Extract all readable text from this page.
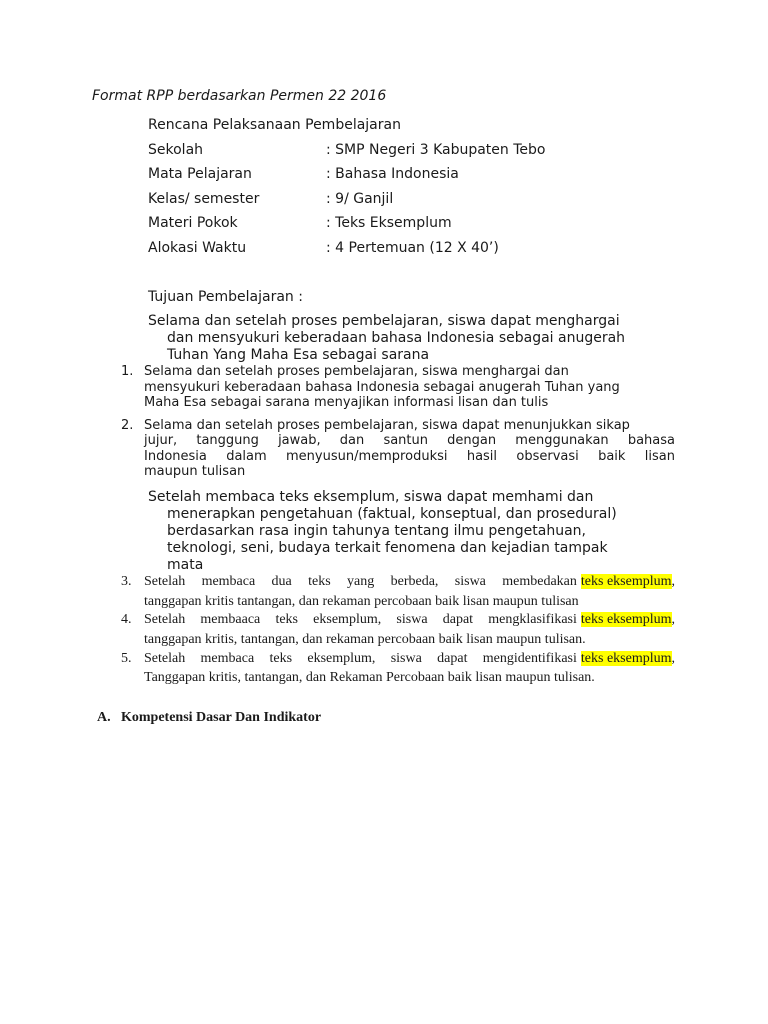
Format RPP berdasarkan Permen 22 2016
Rencana Pelaksanaan Pembelajaran
Sekolah	: SMP Negeri 3 Kabupaten Tebo
Mata Pelajaran	: Bahasa Indonesia
Kelas/ semester	: 9/ Ganjil
Materi Pokok	: Teks Eksemplum
Alokasi Waktu	: 4 Pertemuan (12 X 40’)
Tujuan Pembelajaran :
Selama dan setelah proses pembelajaran, siswa dapat menghargai
dan mensyukuri keberadaan bahasa Indonesia sebagai anugerah
Tuhan Yang Maha Esa sebagai sarana
1. Selama dan setelah proses pembelajaran, siswa menghargai dan
mensyukuri keberadaan bahasa Indonesia sebagai anugerah Tuhan yang
Maha Esa sebagai sarana menyajikan informasi lisan dan tulis
2. Selama dan setelah proses pembelajaran, siswa dapat menunjukkan sikap
jujur, tanggung jawab, dan santun dengan menggunakan bahasa
Indonesia dalam menyusun/memproduksi hasil observasi baik lisan
maupun tulisan
Setelah membaca teks eksemplum, siswa dapat memhami dan
menerapkan pengetahuan (faktual, konseptual, dan prosedural)
berdasarkan rasa ingin tahunya tentang ilmu pengetahuan,
teknologi, seni, budaya terkait fenomena dan kejadian tampak
mata
3. Setelah membaca dua teks yang berbeda, siswa membedakan teks eksemplum,
tanggapan kritis tantangan, dan rekaman percobaan baik lisan maupun tulisan
4. Setelah membaaca teks eksemplum, siswa dapat mengklasifikasi teks eksemplum,
tanggapan kritis, tantangan, dan rekaman percobaan baik lisan maupun tulisan.
5. Setelah membaca teks eksemplum, siswa dapat mengidentifikasi teks eksemplum,
Tanggapan kritis, tantangan, dan Rekaman Percobaan baik lisan maupun tulisan.
A. Kompetensi Dasar Dan Indikator
